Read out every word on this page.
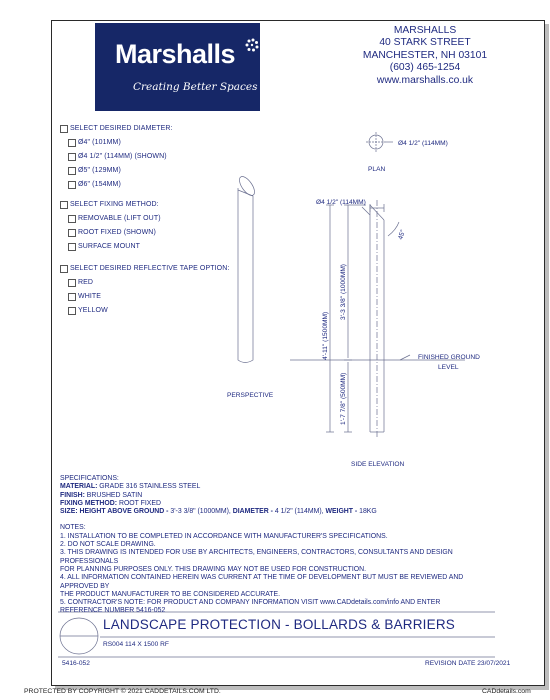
Marshalls
Creating Better Spaces
MARSHALLS
40 STARK STREET
MANCHESTER, NH 03101
(603) 465-1254
www.marshalls.co.uk
SELECT DESIRED DIAMETER:
Ø4" (101MM)
Ø4 1/2" (114MM) (SHOWN)
Ø5" (129MM)
Ø6" (154MM)
SELECT FIXING METHOD:
REMOVABLE (LIFT OUT)
ROOT FIXED (SHOWN)
SURFACE MOUNT
SELECT DESIRED REFLECTIVE TAPE OPTION:
RED
WHITE
YELLOW
Ø4 1/2" (114MM)
PLAN
PERSPECTIVE
Ø4 1/2" (114MM)
45°
4'-11" (1500MM)
3'-3 3/8" (1000MM)
1'-7 7/8" (500MM)
FINISHED GROUND
LEVEL
SIDE ELEVATION
SPECIFICATIONS:
MATERIAL: GRADE 316 STAINLESS STEEL
FINISH: BRUSHED SATIN
FIXING METHOD: ROOT FIXED
SIZE: HEIGHT ABOVE GROUND - 3'-3 3/8" (1000MM), DIAMETER - 4 1/2" (114MM), WEIGHT - 18KG
NOTES:
1. INSTALLATION TO BE COMPLETED IN ACCORDANCE WITH MANUFACTURER'S SPECIFICATIONS.
2. DO NOT SCALE DRAWING.
3. THIS DRAWING IS INTENDED FOR USE BY ARCHITECTS, ENGINEERS, CONTRACTORS, CONSULTANTS AND DESIGN PROFESSIONALS
FOR PLANNING PURPOSES ONLY. THIS DRAWING MAY NOT BE USED FOR CONSTRUCTION.
4. ALL INFORMATION CONTAINED HEREIN WAS CURRENT AT THE TIME OF DEVELOPMENT BUT MUST BE REVIEWED AND APPROVED BY
THE PRODUCT MANUFACTURER TO BE CONSIDERED ACCURATE.
5. CONTRACTOR'S NOTE: FOR PRODUCT AND COMPANY INFORMATION VISIT www.CADdetails.com/info AND ENTER
REFERENCE NUMBER 5416-052
LANDSCAPE PROTECTION - BOLLARDS & BARRIERS
RS004 114 X 1500 RF
5416-052	REVISION DATE 23/07/2021
PROTECTED BY COPYRIGHT © 2021 CADDETAILS.COM LTD.	CADdetails.com
